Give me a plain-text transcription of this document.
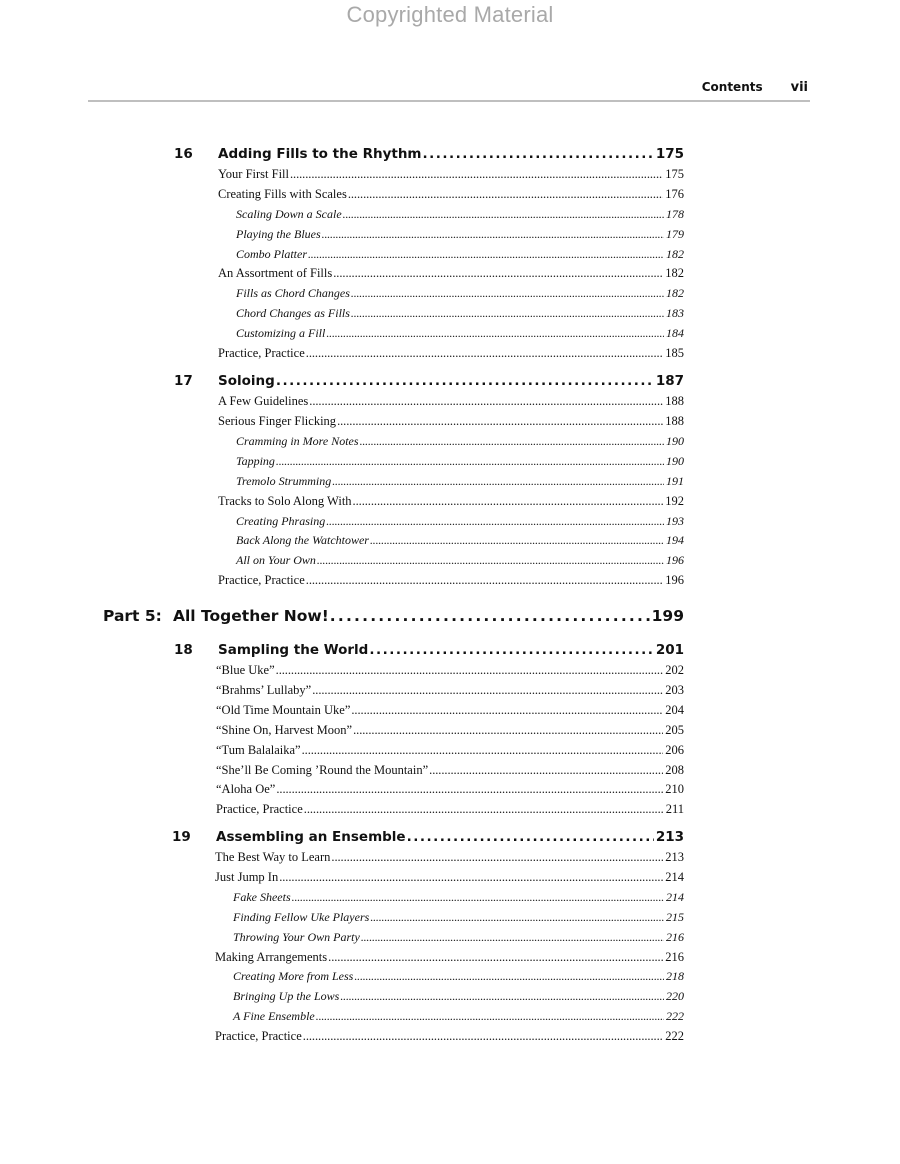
Copyrighted Material
Contents vii
16 Adding Fills to the Rhythm . . .	175
Your First Fill . . .	175
Creating Fills with Scales . . .	176
Scaling Down a Scale . . .	178
Playing the Blues . . .	179
Combo Platter . . .	182
An Assortment of Fills . . .	182
Fills as Chord Changes . . .	182
Chord Changes as Fills . . .	183
Customizing a Fill . . .	184
Practice, Practice . . .	185
17 Soloing . . .	187
A Few Guidelines . . .	188
Serious Finger Flicking . . .	188
Cramming in More Notes . . .	190
Tapping . . .	190
Tremolo Strumming . . .	191
Tracks to Solo Along With . . .	192
Creating Phrasing . . .	193
Back Along the Watchtower . . .	194
All on Your Own . . .	196
Practice, Practice . . .	196
Part 5: All Together Now! . . .	199
18 Sampling the World . . .	201
“Blue Uke” . . .	202
“Brahms’ Lullaby” . . .	203
“Old Time Mountain Uke” . . .	204
“Shine On, Harvest Moon” . . .	205
“Tum Balalaika” . . .	206
“She’ll Be Coming ’Round the Mountain” . . .	208
“Aloha Oe” . . .	210
Practice, Practice . . .	211
19 Assembling an Ensemble . . .	213
The Best Way to Learn . . .	213
Just Jump In . . .	214
Fake Sheets . . .	214
Finding Fellow Uke Players . . .	215
Throwing Your Own Party . . .	216
Making Arrangements . . .	216
Creating More from Less . . .	218
Bringing Up the Lows . . .	220
A Fine Ensemble . . .	222
Practice, Practice . . .	222
